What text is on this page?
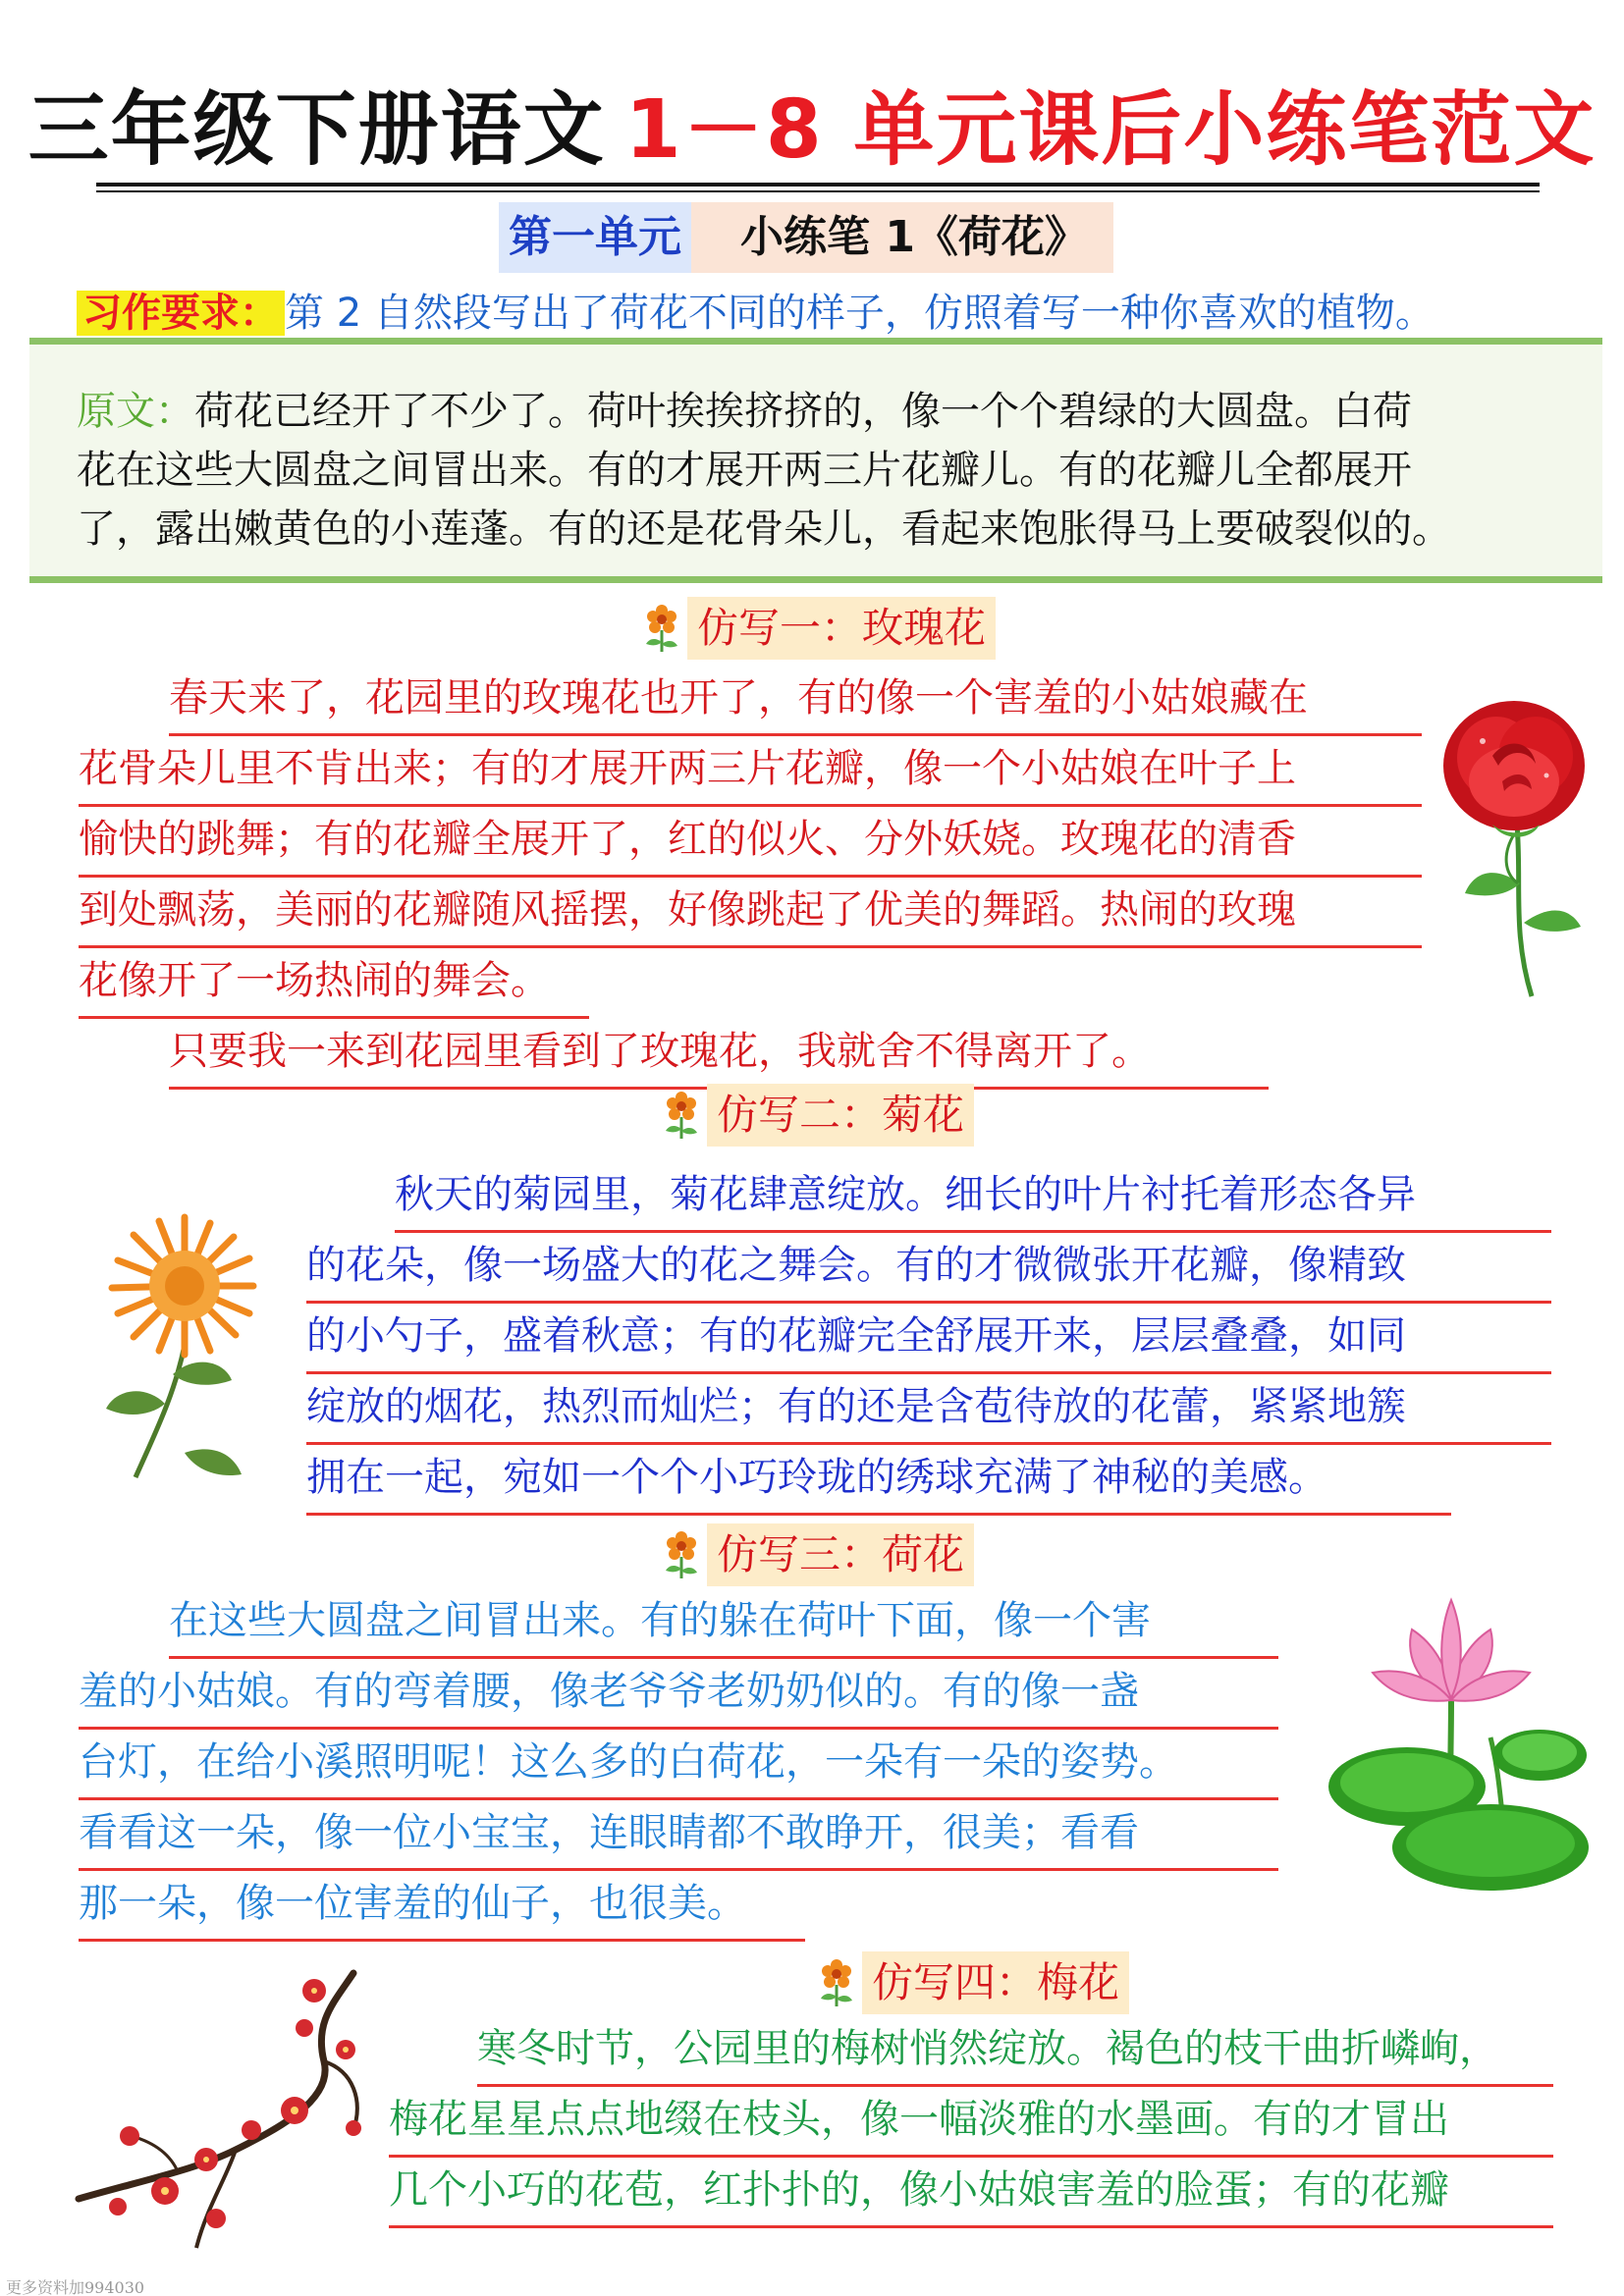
三年级下册语文 1－8 单元课后小练笔范文
第一单元	小练笔 1《荷花》
习作要求： 第 2 自然段写出了荷花不同的样子，仿照着写一种你喜欢的植物。
原文：荷花已经开了不少了。荷叶挨挨挤挤的，像一个个碧绿的大圆盘。白荷
花在这些大圆盘之间冒出来。有的才展开两三片花瓣儿。有的花瓣儿全都展开
了，露出嫩黄色的小莲蓬。有的还是花骨朵儿，看起来饱胀得马上要破裂似的。
仿写一：玫瑰花
春天来了，花园里的玫瑰花也开了，有的像一个害羞的小姑娘藏在
花骨朵儿里不肯出来；有的才展开两三片花瓣，像一个小姑娘在叶子上
愉快的跳舞；有的花瓣全展开了，红的似火、分外妖娆。玫瑰花的清香
到处飘荡，美丽的花瓣随风摇摆，好像跳起了优美的舞蹈。热闹的玫瑰
花像开了一场热闹的舞会。
只要我一来到花园里看到了玫瑰花，我就舍不得离开了。
仿写二：菊花
秋天的菊园里，菊花肆意绽放。细长的叶片衬托着形态各异
的花朵，像一场盛大的花之舞会。有的才微微张开花瓣，像精致
的小勺子，盛着秋意；有的花瓣完全舒展开来，层层叠叠，如同
绽放的烟花，热烈而灿烂；有的还是含苞待放的花蕾，紧紧地簇
拥在一起，宛如一个个小巧玲珑的绣球充满了神秘的美感。
仿写三：荷花
在这些大圆盘之间冒出来。有的躲在荷叶下面，像一个害
羞的小姑娘。有的弯着腰，像老爷爷老奶奶似的。有的像一盏
台灯，在给小溪照明呢！这么多的白荷花，一朵有一朵的姿势。
看看这一朵，像一位小宝宝，连眼睛都不敢睁开，很美；看看
那一朵，像一位害羞的仙子，也很美。
仿写四：梅花
寒冬时节，公园里的梅树悄然绽放。褐色的枝干曲折嶙峋，
梅花星星点点地缀在枝头，像一幅淡雅的水墨画。有的才冒出
几个小巧的花苞，红扑扑的，像小姑娘害羞的脸蛋；有的花瓣
更多资料加994030
